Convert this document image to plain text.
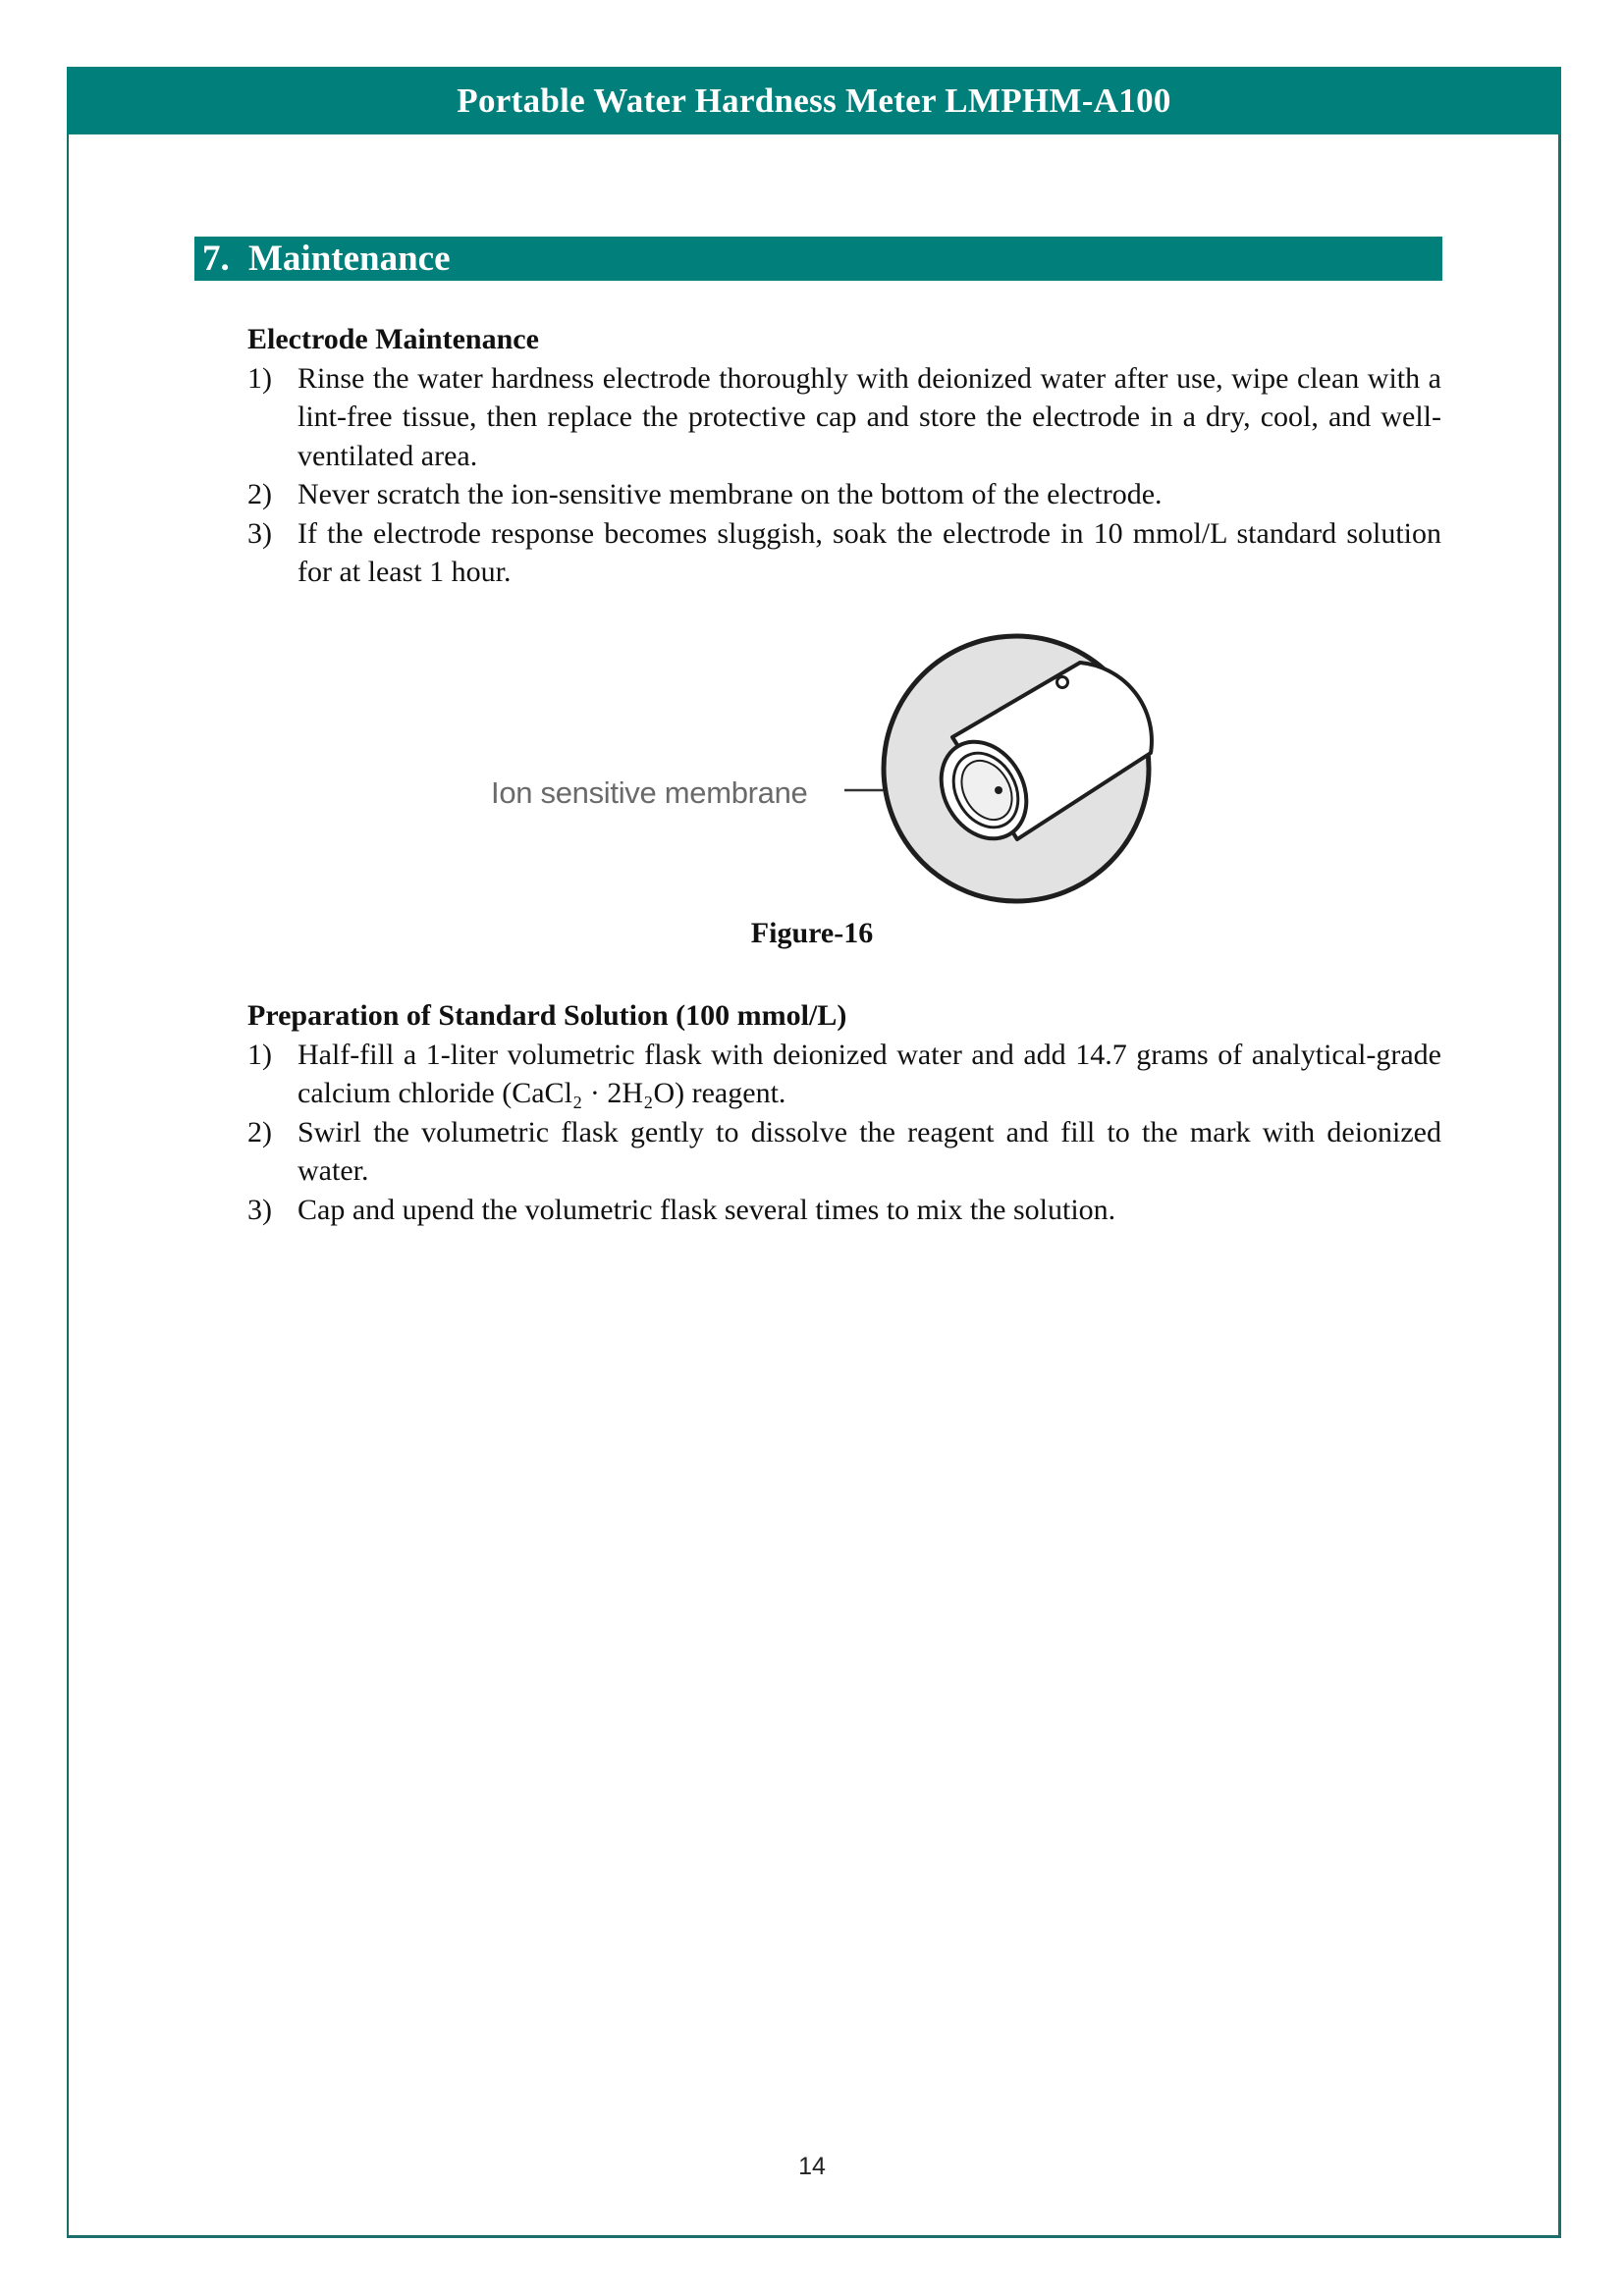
Portable Water Hardness Meter LMPHM-A100
7. Maintenance

Electrode Maintenance

1) Rinse the water hardness electrode thoroughly with deionized water after use, wipe clean with a lint-free tissue, then replace the protective cap and store the electrode in a dry, cool, and well-ventilated area.
2) Never scratch the ion-sensitive membrane on the bottom of the electrode.
3) If the electrode response becomes sluggish, soak the electrode in 10 mmol/L standard solution for at least 1 hour.
Ion sensitive membrane
Figure-16

Preparation of Standard Solution (100 mmol/L)

1) Half-fill a 1-liter volumetric flask with deionized water and add 14.7 grams of analytical-grade calcium chloride (CaCl₂ · 2H₂O) reagent.
2) Swirl the volumetric flask gently to dissolve the reagent and fill to the mark with deionized water.
3) Cap and upend the volumetric flask several times to mix the solution.
14
